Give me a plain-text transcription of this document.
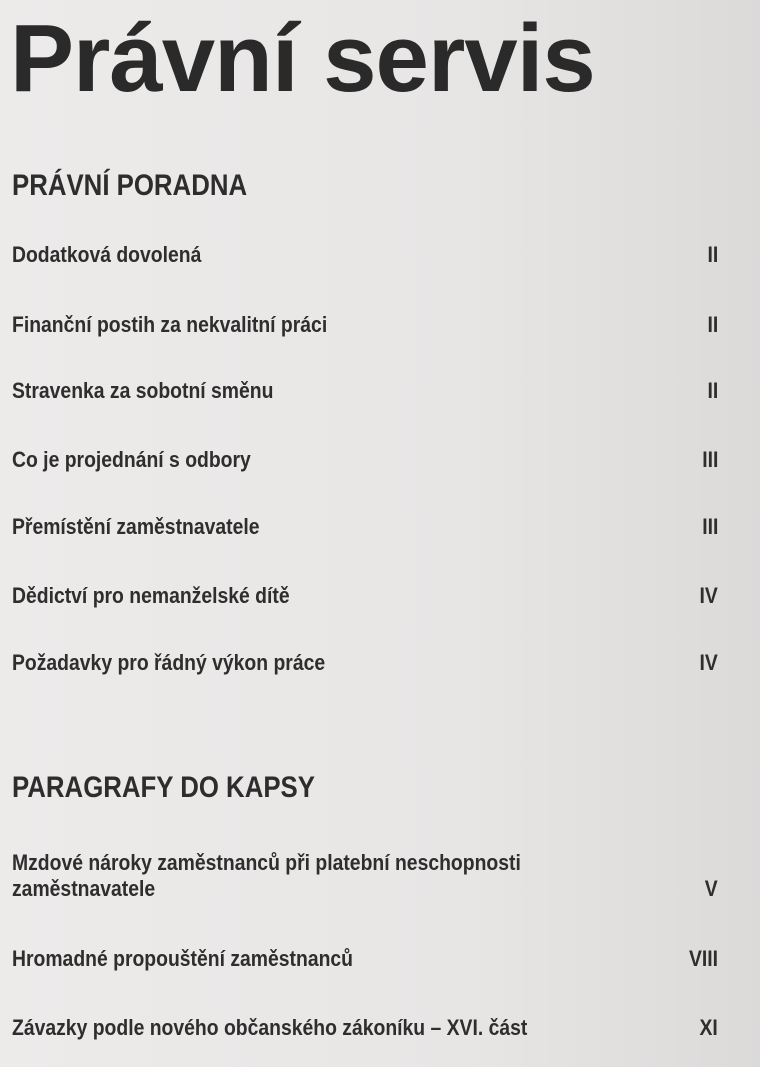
Právní servis
PRÁVNÍ PORADNA
Dodatková dovolená	II
Finanční postih za nekvalitní práci	II
Stravenka za sobotní směnu	II
Co je projednání s odbory	III
Přemístění zaměstnavatele	III
Dědictví pro nemanželské dítě	IV
Požadavky pro řádný výkon práce	IV
PARAGRAFY DO KAPSY
Mzdové nároky zaměstnanců při platební neschopnosti
zaměstnavatele	V
Hromadné propouštění zaměstnanců	VIII
Závazky podle nového občanského zákoníku – XVI. část	XI
